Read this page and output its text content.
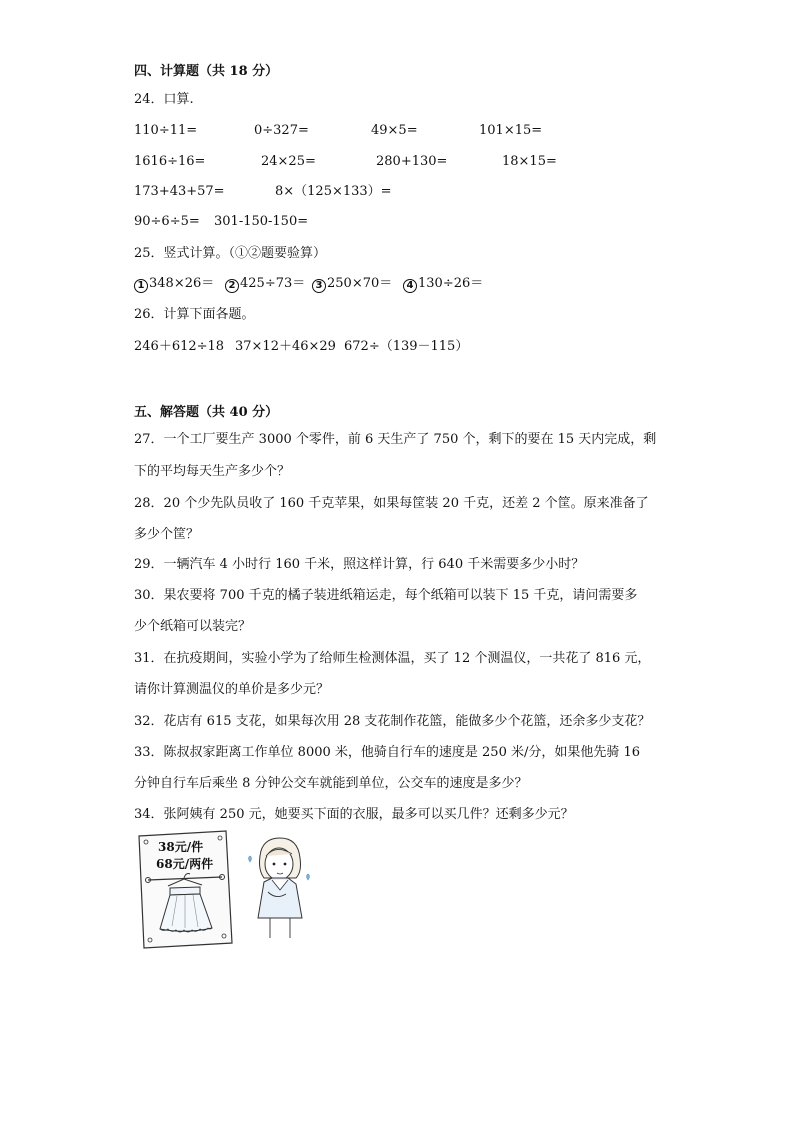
四、计算题（共 18 分）
24．口算.
110÷11=	0÷327=	49×5=	101×15=
1616÷16=	24×25=	280+130=	18×15=
173+43+57=	8×（125×133）=
90÷6÷5= 301-150-150=
25．竖式计算。（①②题要验算）
1 348×26＝	2 425÷73＝	3 250×70＝	4 130÷26＝
26．计算下面各题。
246＋612÷18 37×12＋46×29 672÷（139－115）
五、解答题（共 40 分）
27．一个工厂要生产 3000 个零件，前 6 天生产了 750 个，剩下的要在 15 天内完成，剩
下的平均每天生产多少个？
28．20 个少先队员收了 160 千克苹果，如果每筐装 20 千克，还差 2 个筐。原来准备了
多少个筐？
29．一辆汽车 4 小时行 160 千米，照这样计算，行 640 千米需要多少小时？
30．果农要将 700 千克的橘子装进纸箱运走，每个纸箱可以装下 15 千克，请问需要多
少个纸箱可以装完？
31．在抗疫期间，实验小学为了给师生检测体温，买了 12 个测温仪，一共花了 816 元，
请你计算测温仪的单价是多少元？
32．花店有 615 支花，如果每次用 28 支花制作花篮，能做多少个花篮，还余多少支花？
33．陈叔叔家距离工作单位 8000 米，他骑自行车的速度是 250 米/分，如果他先骑 16
分钟自行车后乘坐 8 分钟公交车就能到单位，公交车的速度是多少？
34．张阿姨有 250 元，她要买下面的衣服，最多可以买几件？还剩多少元？
38元/件
68元/两件
